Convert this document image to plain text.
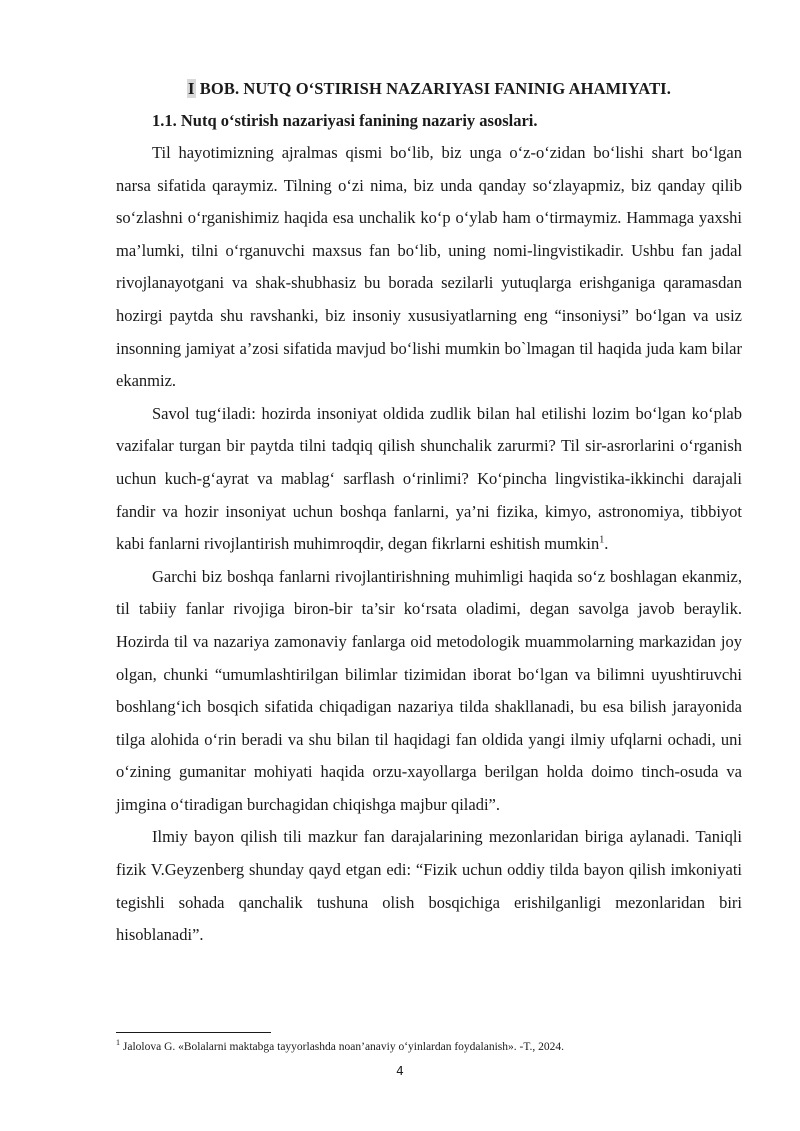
I BOB. NUTQ O‘STIRISH NAZARIYASI FANINIG AHAMIYATI.
1.1. Nutq o‘stirish nazariyasi fanining nazariy asoslari.

Til hayotimizning ajralmas qismi bo‘lib, biz unga o‘z-o‘zidan bo‘lishi shart bo‘lgan narsa sifatida qaraymiz. Tilning o‘zi nima, biz unda qanday so‘zlayapmiz, biz qanday qilib so‘zlashni o‘rganishimiz haqida esa unchalik ko‘p o‘ylab ham o‘tirmaymiz. Hammaga yaxshi ma’lumki, tilni o‘rganuvchi maxsus fan bo‘lib, uning nomi-lingvistikadir. Ushbu fan jadal rivojlanayotgani va shak-shubhasiz bu borada sezilarli yutuqlarga erishganiga qaramasdan hozirgi paytda shu ravshanki, biz insoniy xususiyatlarning eng “insoniysi” bo‘lgan va usiz insonning jamiyat a’zosi sifatida mavjud bo‘lishi mumkin bo`lmagan til haqida juda kam bilar ekanmiz.

Savol tug‘iladi: hozirda insoniyat oldida zudlik bilan hal etilishi lozim bo‘lgan ko‘plab vazifalar turgan bir paytda tilni tadqiq qilish shunchalik zarurmi? Til sir-asrorlarini o‘rganish uchun kuch-g‘ayrat va mablag‘ sarflash o‘rinlimi? Ko‘pincha lingvistika-ikkinchi darajali fandir va hozir insoniyat uchun boshqa fanlarni, ya’ni fizika, kimyo, astronomiya, tibbiyot kabi fanlarni rivojlantirish muhimroqdir, degan fikrlarni eshitish mumkin$^1$.

Garchi biz boshqa fanlarni rivojlantirishning muhimligi haqida so‘z boshlagan ekanmiz, til tabiiy fanlar rivojiga biron-bir ta’sir ko‘rsata oladimi, degan savolga javob beraylik. Hozirda til va nazariya zamonaviy fanlarga oid metodologik muammolarning markazidan joy olgan, chunki “umumlashtirilgan bilimlar tizimidan iborat bo‘lgan va bilimni uyushtiruvchi boshlang‘ich bosqich sifatida chiqadigan nazariya tilda shakllanadi, bu esa bilish jarayonida tilga alohida o‘rin beradi va shu bilan til haqidagi fan oldida yangi ilmiy ufqlarni ochadi, uni o‘zining gumanitar mohiyati haqida orzu-xayollarga berilgan holda doimo tinch-osuda va jimgina o‘tiradigan burchagidan chiqishga majbur qiladi”.

Ilmiy bayon qilish tili mazkur fan darajalarining mezonlaridan biriga aylanadi. Taniqli fizik V.Geyzenberg shunday qayd etgan edi: “Fizik uchun oddiy tilda bayon qilish imkoniyati tegishli sohada qanchalik tushuna olish bosqichiga erishilganligi mezonlaridan biri hisoblanadi”.

$^1$ Jalolova G. «Bolalarni maktabga tayyorlashda noan’anaviy o‘yinlardan foydalanish». -T., 2024.

4
